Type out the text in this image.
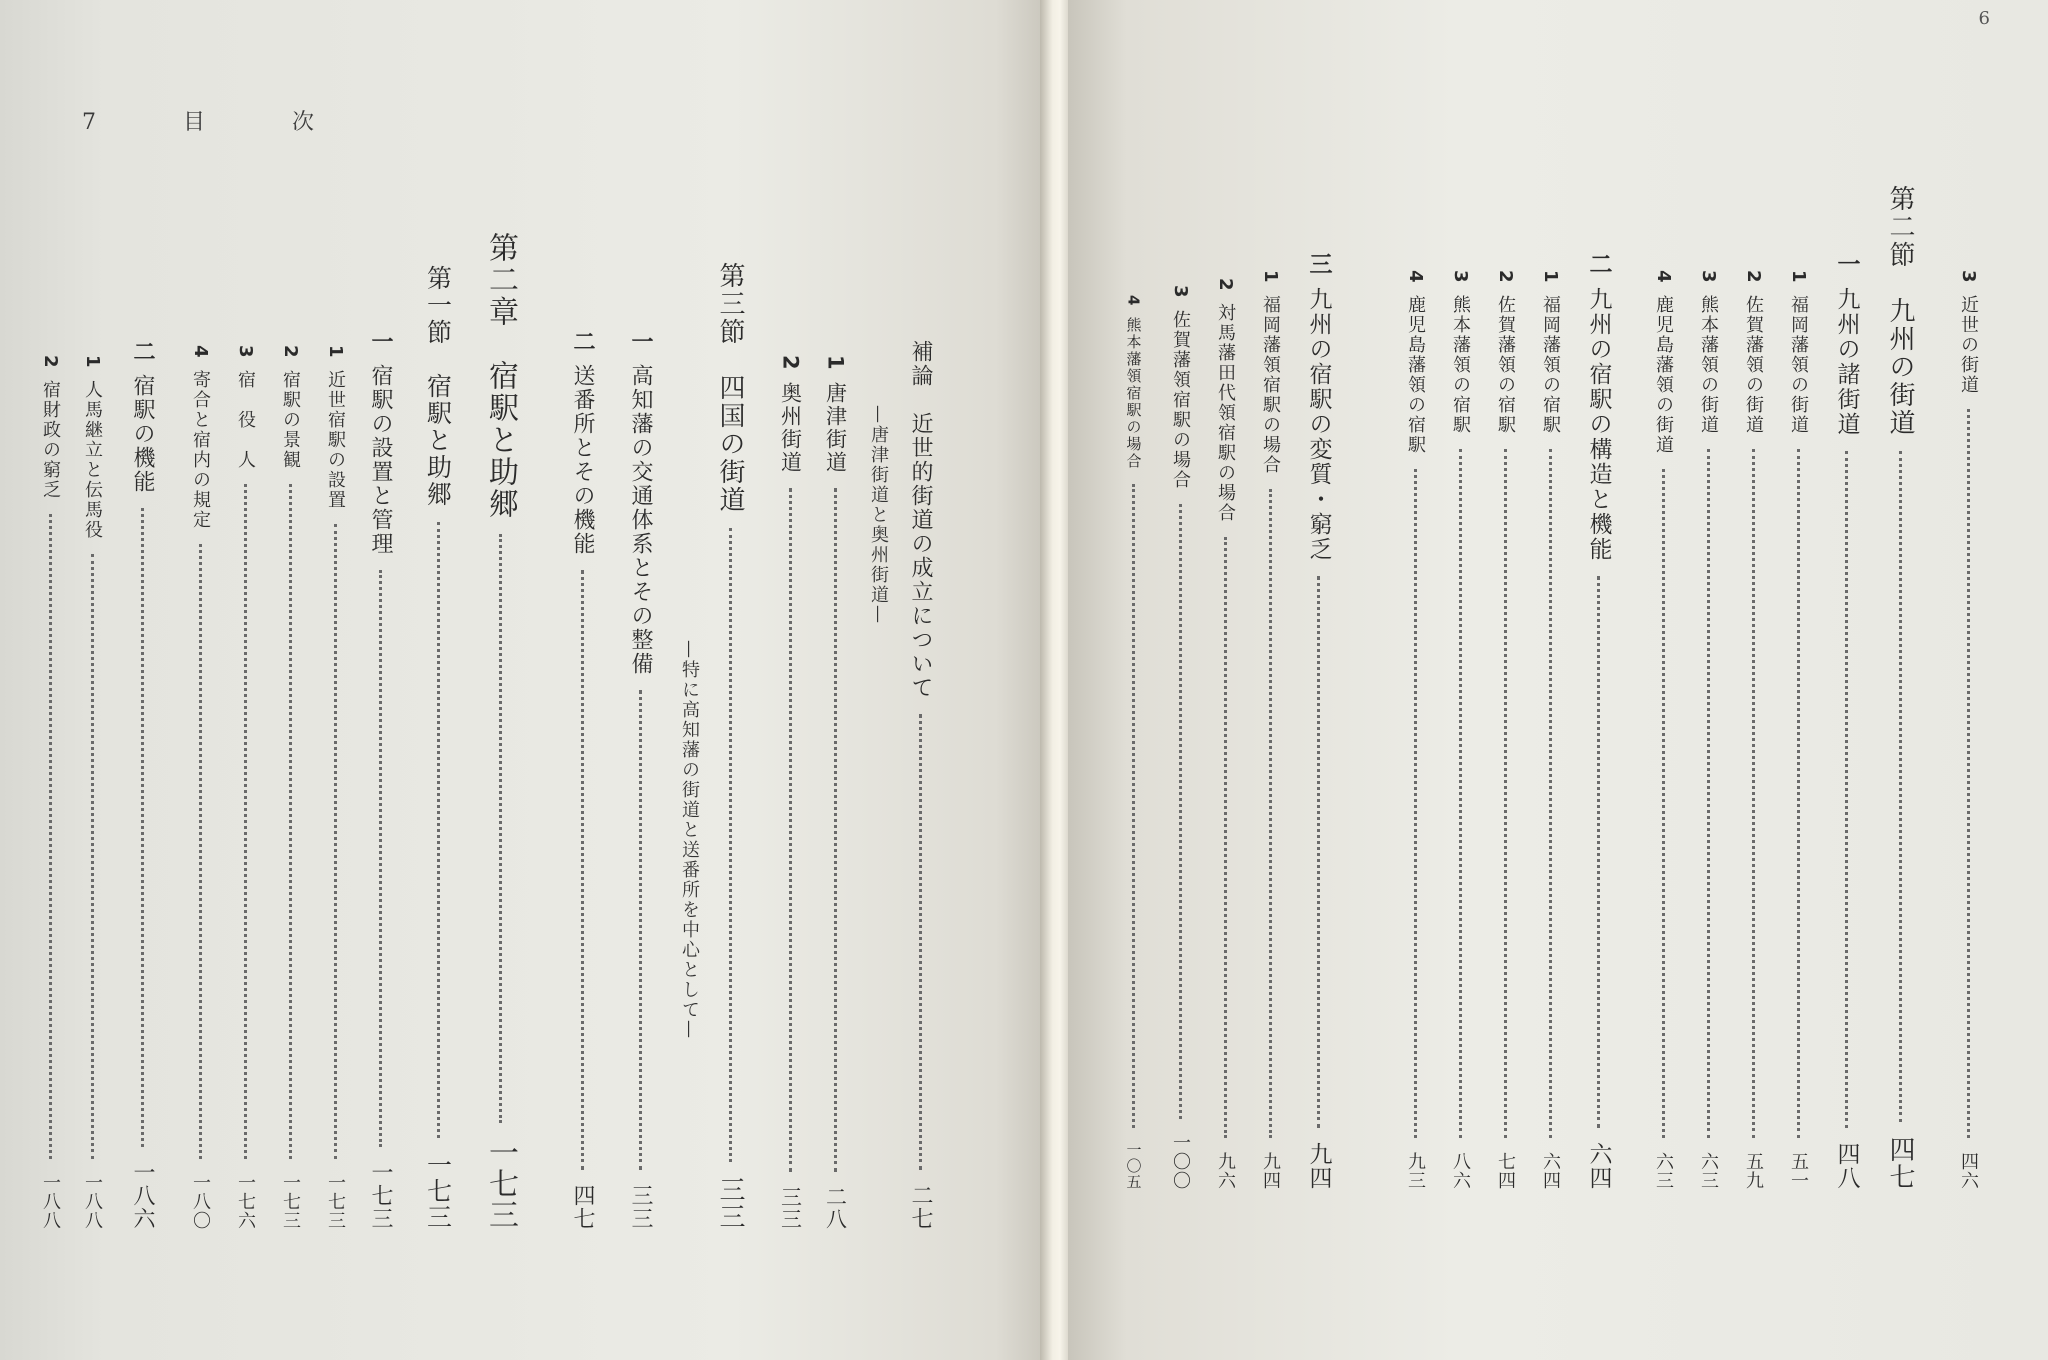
7 目 次
補論　近世的街道の成立について
二七
—唐津街道と奥州街道—
1
唐津街道
二八
2
奥州街道
三三
第三節　四国の街道
三三
—特に高知藩の街道と送番所を中心として—
一
高知藩の交通体系とその整備
三三
二
送番所とその機能
四七
第二章　宿駅と助郷
一七三
第一節　宿駅と助郷
一七三
一
宿駅の設置と管理
一七三
1
近世宿駅の設置
一七三
2
宿駅の景観
一七三
3
宿　役　人
一七六
4
寄合と宿内の規定
一八〇
二
宿駅の機能
一八六
1
人馬継立と伝馬役
一八八
2
宿財政の窮乏
一八八
6
3
近世の街道
四六
第二節　九州の街道
四七
一
九州の諸街道
四八
1
福岡藩領の街道
五一
2
佐賀藩領の街道
五九
3
熊本藩領の街道
六三
4
鹿児島藩領の街道
六三
二
九州の宿駅の構造と機能
六四
1
福岡藩領の宿駅
六四
2
佐賀藩領の宿駅
七四
3
熊本藩領の宿駅
八六
4
鹿児島藩領の宿駅
九三
三
九州の宿駅の変質・窮乏
九四
1
福岡藩領宿駅の場合
九四
2
対馬藩田代領宿駅の場合
九六
3
佐賀藩領宿駅の場合
一〇〇
4
熊本藩領宿駅の場合
一〇五
